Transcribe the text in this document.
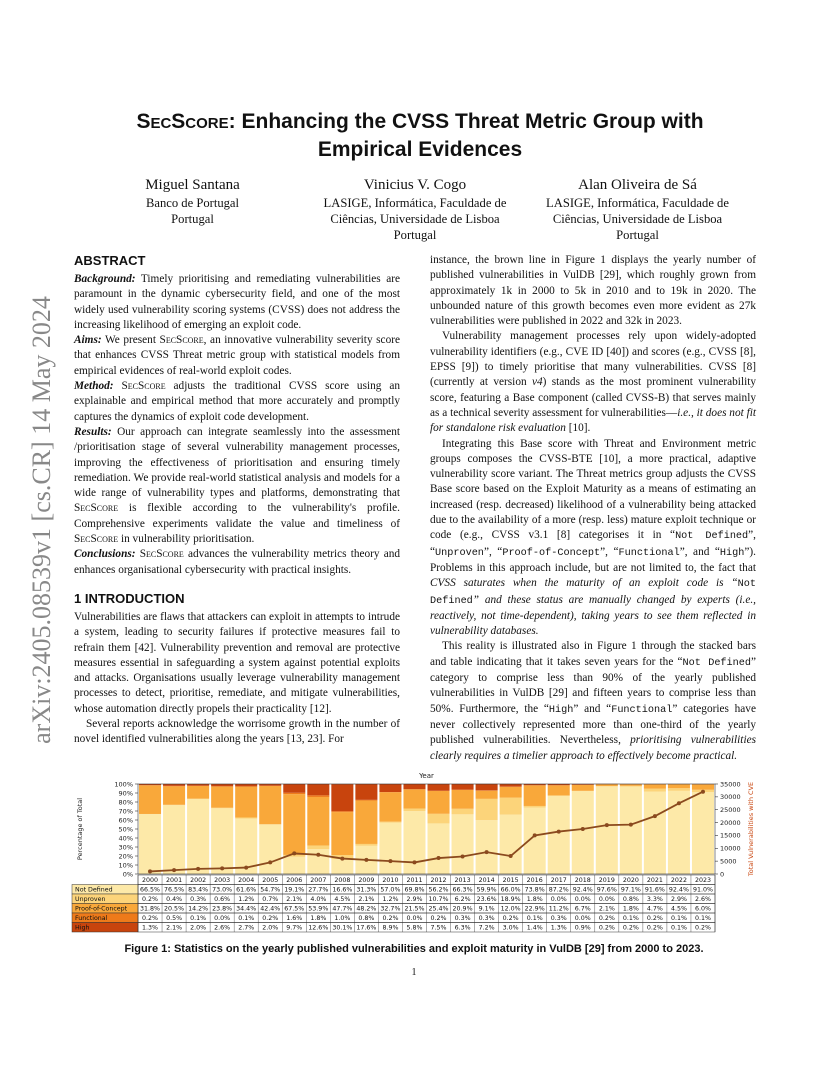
arXiv:2405.08539v1 [cs.CR] 14 May 2024
SecScore: Enhancing the CVSS Threat Metric Group with
Empirical Evidences
Miguel Santana
Banco de Portugal
Portugal
Vinicius V. Cogo
LASIGE, Informática, Faculdade de
Ciências, Universidade de Lisboa
Portugal
Alan Oliveira de Sá
LASIGE, Informática, Faculdade de
Ciências, Universidade de Lisboa
Portugal
ABSTRACT

Background: Timely prioritising and remediating vulnerabilities are paramount in the dynamic cybersecurity field, and one of the most widely used vulnerability scoring systems (CVSS) does not address the increasing likelihood of emerging an exploit code.

Aims: We present SecScore, an innovative vulnerability severity score that enhances CVSS Threat metric group with statistical models from empirical evidences of real-world exploit codes.

Method: SecScore adjusts the traditional CVSS score using an explainable and empirical method that more accurately and promptly captures the dynamics of exploit code development.

Results: Our approach can integrate seamlessly into the assessment /prioritisation stage of several vulnerability management processes, improving the effectiveness of prioritisation and ensuring timely remediation. We provide real-world statistical analysis and models for a wide range of vulnerability types and platforms, demonstrating that SecScore is flexible according to the vulnerability's profile. Comprehensive experiments validate the value and timeliness of SecScore in vulnerability prioritisation.

Conclusions: SecScore advances the vulnerability metrics theory and enhances organisational cybersecurity with practical insights.

1 INTRODUCTION

Vulnerabilities are flaws that attackers can exploit in attempts to intrude a system, leading to security failures if protective measures fail to refrain them [42]. Vulnerability prevention and removal are protective measures essential in safeguarding a system against potential exploits and attacks. Organisations usually leverage vulnerability management processes to detect, prioritise, remediate, and mitigate vulnerabilities, whose automation directly propels their practicality [12].

Several reports acknowledge the worrisome growth in the number of novel identified vulnerabilities along the years [13, 23]. For

instance, the brown line in Figure 1 displays the yearly number of published vulnerabilities in VulDB [29], which roughly grown from approximately 1k in 2000 to 5k in 2010 and to 19k in 2020. The unbounded nature of this growth becomes even more evident as 27k vulnerabilities were published in 2022 and 32k in 2023.

Vulnerability management processes rely upon widely-adopted vulnerability identifiers (e.g., CVE ID [40]) and scores (e.g., CVSS [8], EPSS [9]) to timely prioritise that many vulnerabilities. CVSS [8] (currently at version v4) stands as the most prominent vulnerability score, featuring a Base component (called CVSS-B) that serves mainly as a technical severity assessment for vulnerabilities—i.e., it does not fit for standalone risk evaluation [10].

Integrating this Base score with Threat and Environment metric groups composes the CVSS-BTE [10], a more practical, adaptive vulnerability score variant. The Threat metrics group adjusts the CVSS Base score based on the Exploit Maturity as a means of estimating an increased (resp. decreased) likelihood of a vulnerability being attacked due to the availability of a more (resp. less) mature exploit technique or code (e.g., CVSS v3.1 [8] categorises it in “Not Defined”, “Unproven”, “Proof-of-Concept”, “Functional”, and “High”). Problems in this approach include, but are not limited to, the fact that CVSS saturates when the maturity of an exploit code is “Not Defined” and these status are manually changed by experts (i.e., reactively, not time-dependent), taking years to see them reflected in vulnerability databases.

This reality is illustrated also in Figure 1 through the stacked bars and table indicating that it takes seven years for the “Not Defined” category to comprise less than 90% of the yearly published vulnerabilities in VulDB [29] and fifteen years to comprise less than 50%. Furthermore, the “High” and “Functional” categories have never collectively represented more than one-third of the yearly published vulnerabilities. Nevertheless, prioritising vulnerabilities clearly requires a timelier approach to effectively become practical.

Year
Percentage of Total	Total Vulnerabilities with CVE
0%
10%
20%
30%
40%
50%
60%
70%
80%
90%
100%
0
5000
10000
15000
20000
25000
30000
35000
2000 2001 2002 2003 2004 2005 2006 2007 2008 2009 2010 2011 2012 2013 2014 2015 2016 2017 2018 2019 2020 2021 2022 2023
Not Defined	66.5% 76.5% 83.4% 73.0% 61.6% 54.7% 19.1% 27.7% 16.6% 31.3% 57.0% 69.8% 56.2% 66.3% 59.9% 66.0% 73.8% 87.2% 92.4% 97.6% 97.1% 91.6% 92.4% 91.0%
Unproven	0.2% 0.4% 0.3% 0.6% 1.2% 0.7% 2.1% 4.0% 4.5% 2.1% 1.2% 2.9% 10.7% 6.2% 23.6% 18.9% 1.8% 0.0% 0.0% 0.0% 0.8% 3.3% 2.9% 2.6%
Proof-of-Concept 31.8% 20.5% 14.2% 23.8% 34.4% 42.4% 67.5% 53.9% 47.7% 48.2% 32.7% 21.5% 25.4% 20.9% 9.1% 12.0% 22.9% 11.2% 6.7% 2.1% 1.8% 4.7% 4.5% 6.0%
Functional	0.2% 0.5% 0.1% 0.0% 0.1% 0.2% 1.6% 1.8% 1.0% 0.8% 0.2% 0.0% 0.2% 0.3% 0.3% 0.2% 0.1% 0.3% 0.0% 0.2% 0.1% 0.2% 0.1% 0.1%
High	1.3% 2.1% 2.0% 2.6% 2.7% 2.0% 9.7% 12.6% 30.1% 17.6% 8.9% 5.8% 7.5% 6.3% 7.2% 3.0% 1.4% 1.3% 0.9% 0.2% 0.2% 0.2% 0.1% 0.2%
Figure 1: Statistics on the yearly published vulnerabilities and exploit maturity in VulDB [29] from 2000 to 2023.
1
